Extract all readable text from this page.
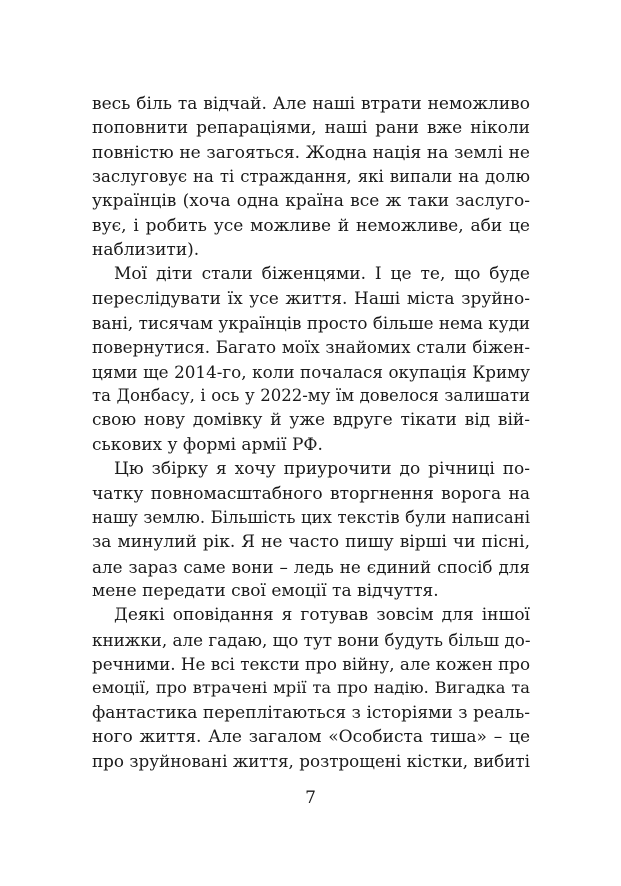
весь біль та відчай. Але наші втрати неможливо
поповнити репараціями, наші рани вже ніколи
повністю не загояться. Жодна нація на землі не
заслуговує на ті страждання, які випали на долю
українців (хоча одна країна все ж таки заслуго-
вує, і робить усе можливе й неможливе, аби це
наблизити).
Мої діти стали біженцями. І це те, що буде
переслідувати їх усе життя. Наші міста зруйно-
вані, тисячам українців просто більше нема куди
повернутися. Багато моїх знайомих стали біжен-
цями ще 2014-го, коли почалася окупація Криму
та Донбасу, і ось у 2022-му їм довелося залишати
свою нову домівку й уже вдруге тікати від вій-
ськових у формі армії РФ.
Цю збірку я хочу приурочити до річниці по-
чатку повномасштабного вторгнення ворога на
нашу землю. Більшість цих текстів були написані
за минулий рік. Я не часто пишу вірші чи пісні,
але зараз саме вони – ледь не єдиний спосіб для
мене передати свої емоції та відчуття.
Деякі оповідання я готував зовсім для іншої
книжки, але гадаю, що тут вони будуть більш до-
речними. Не всі тексти про війну, але кожен про
емоції, про втрачені мрії та про надію. Вигадка та
фантастика переплітаються з історіями з реаль-
ного життя. Але загалом «Особиста тиша» – це
про зруйновані життя, розтрощені кістки, вибиті
7
